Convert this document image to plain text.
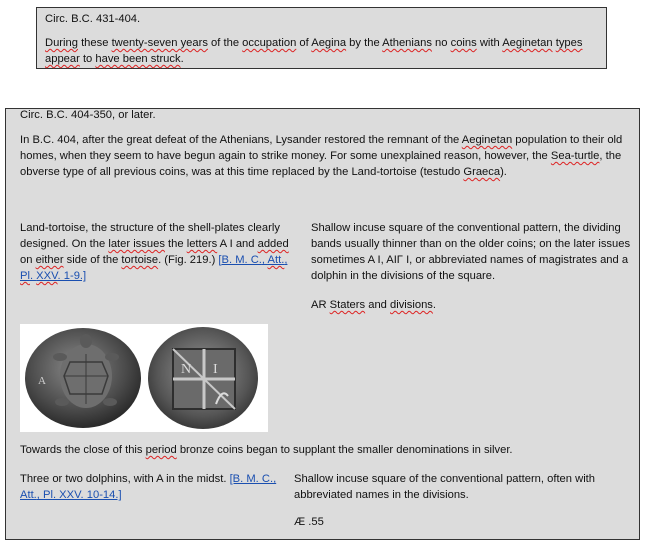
Circ. B.C. 431-404.

During these twenty-seven years of the occupation of Aegina by the Athenians no coins with Aeginetan types appear to have been struck.

Circ. B.C. 404-350, or later.

In B.C. 404, after the great defeat of the Athenians, Lysander restored the remnant of the Aeginetan population to their old homes, when they seem to have begun again to strike money. For some unexplained reason, however, the Sea-turtle, the obverse type of all previous coins, was at this time replaced by the Land-tortoise (testudo Graeca).

Land-tortoise, the structure of the shell-plates clearly designed. On the later issues the letters A I and added on either side of the tortoise. (Fig. 219.) [B. M. C., Att., Pl. XXV. 1-9.]

Shallow incuse square of the conventional pattern, the dividing bands usually thinner than on the older coins; on the later issues sometimes A I, AIΓ I, or abbreviated names of magistrates and a dolphin in the divisions of the square.

AR Staters and divisions.

A
N I

Towards the close of this period bronze coins began to supplant the smaller denominations in silver.

Three or two dolphins, with A in the midst. [B. M. C., Att., Pl. XXV. 10-14.]

Shallow incuse square of the conventional pattern, often with abbreviated names in the divisions.

Æ .55
